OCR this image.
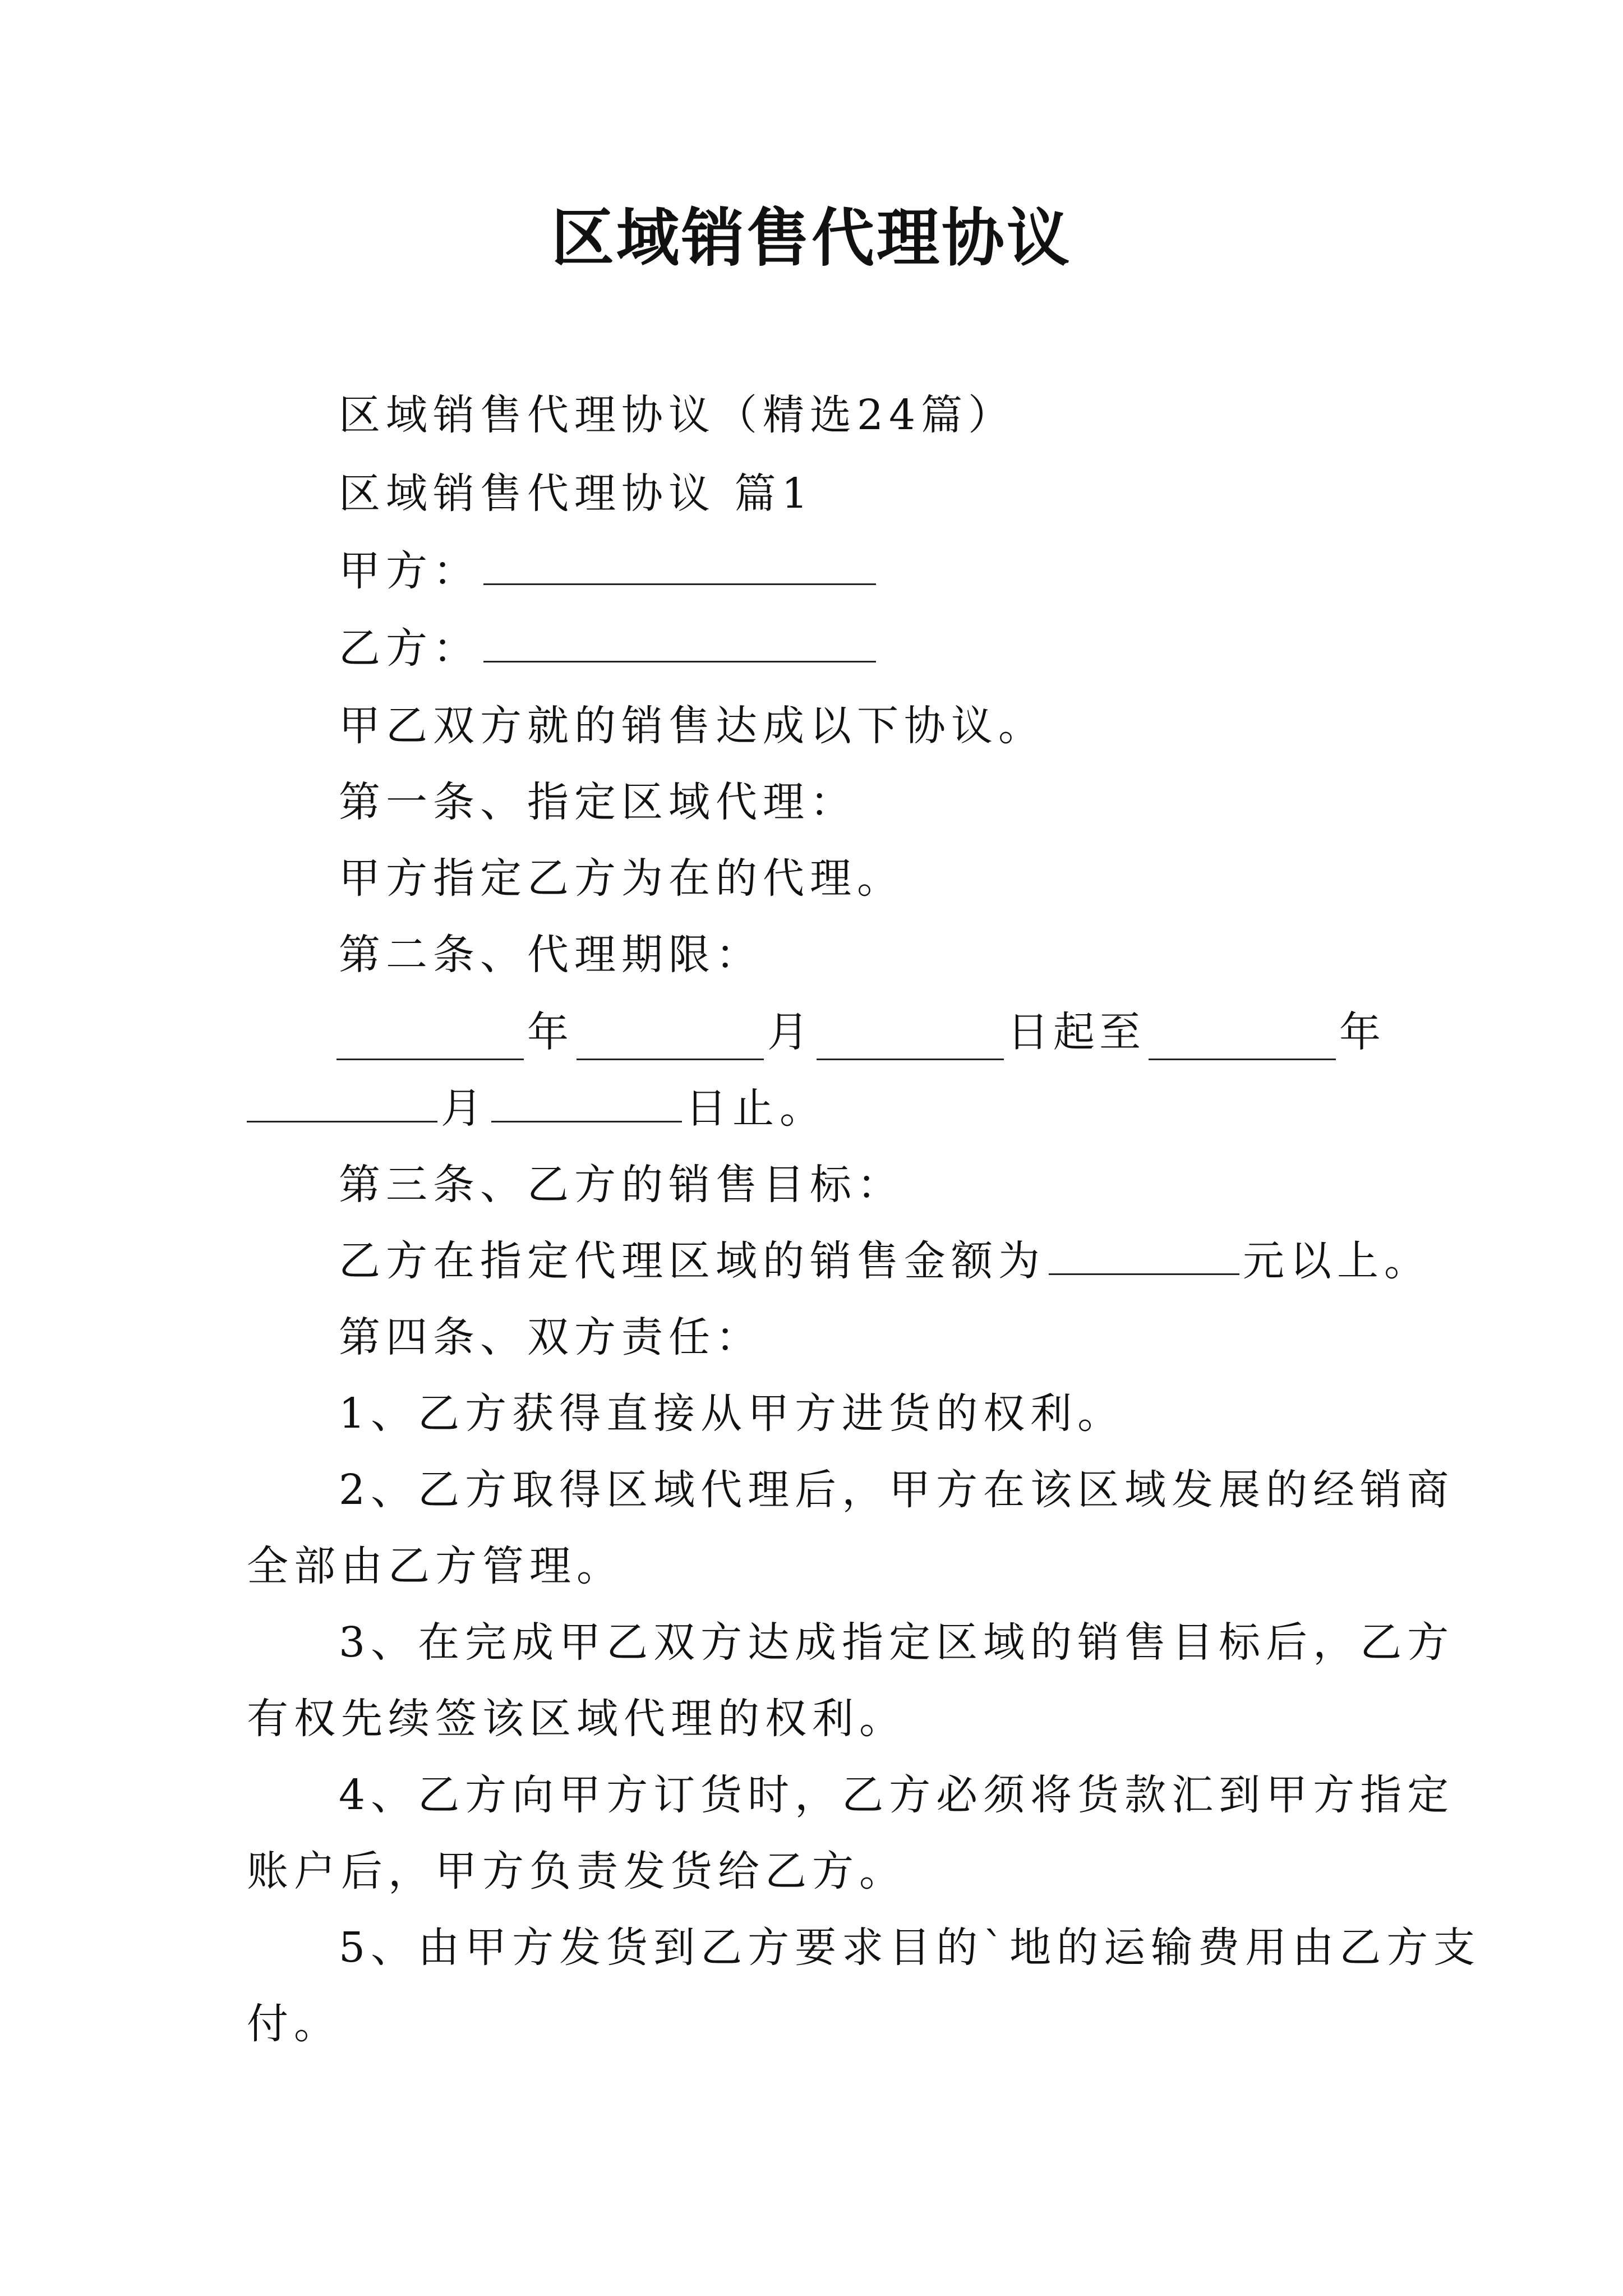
区域销售代理协议

区域销售代理协议（精选24篇）

区域销售代理协议 篇1

甲方：

乙方：

甲乙双方就的销售达成以下协议。

第一条、指定区域代理：

甲方指定乙方为在的代理。

第二条、代理期限：

年	月	日起至	年

月	日止。

第三条、乙方的销售目标：

乙方在指定代理区域的销售金额为	元以上。

第四条、双方责任：

1、乙方获得直接从甲方进货的权利。

2、乙方取得区域代理后，甲方在该区域发展的经销商

全部由乙方管理。

3、在完成甲乙双方达成指定区域的销售目标后，乙方

有权先续签该区域代理的权利。

4、乙方向甲方订货时，乙方必须将货款汇到甲方指定

账户后，甲方负责发货给乙方。

5、由甲方发货到乙方要求目的`地的运输费用由乙方支

付。
